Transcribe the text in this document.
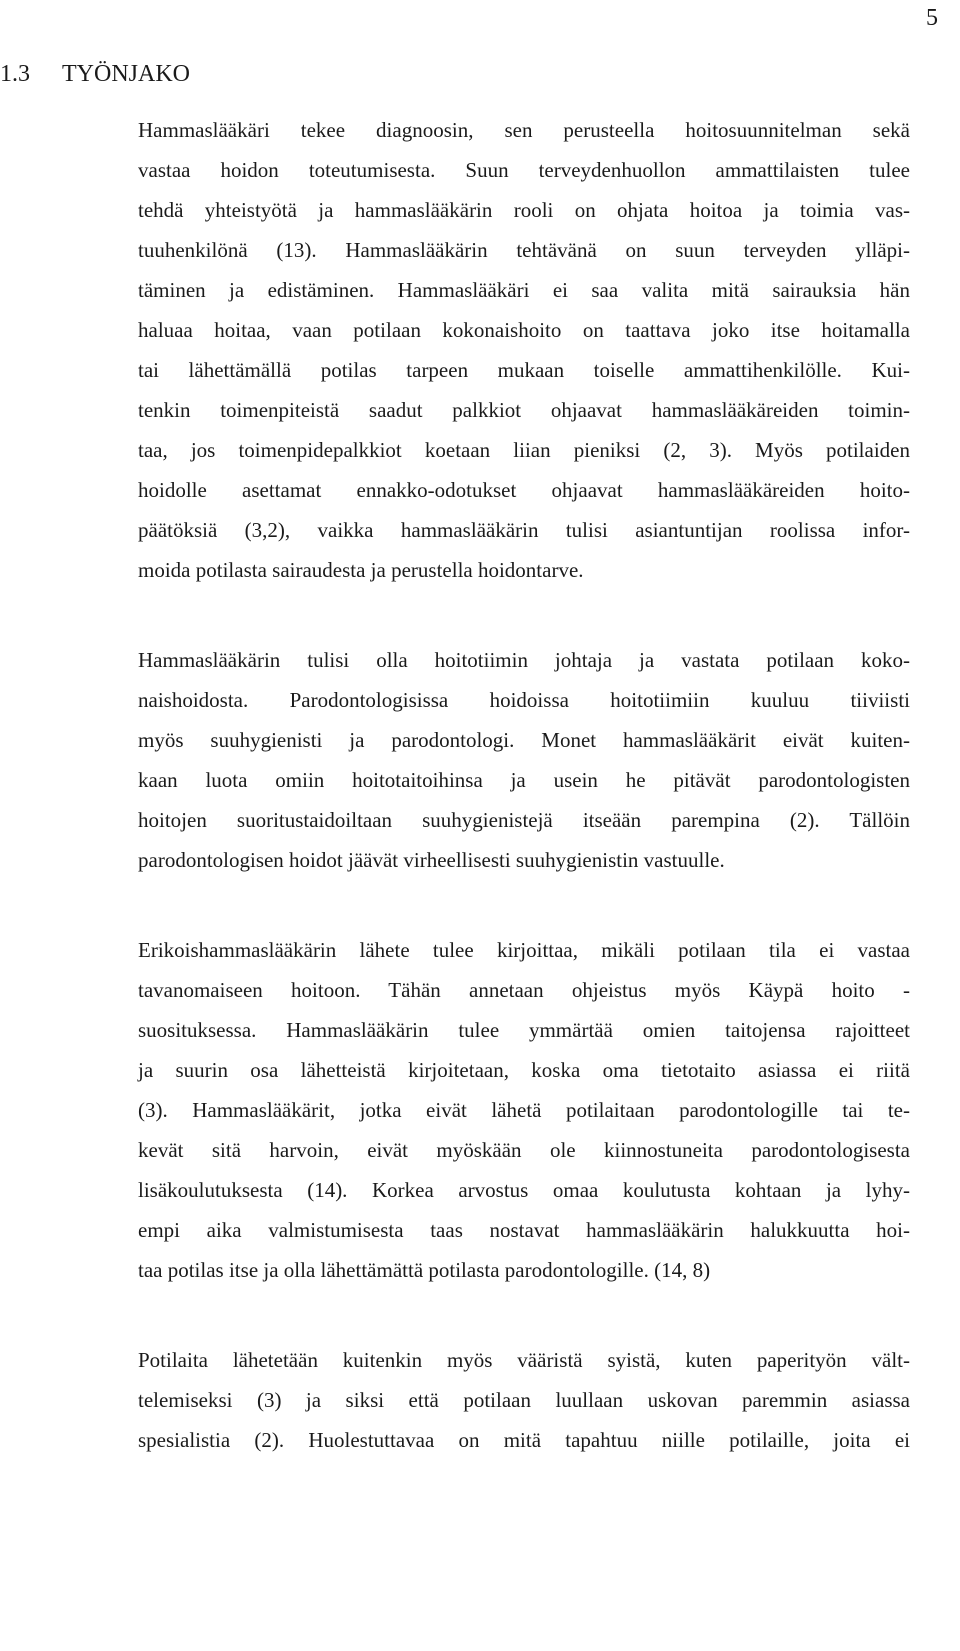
5
1.3 TYÖNJAKO

Hammaslääkäri tekee diagnoosin, sen perusteella hoitosuunnitelman sekä
vastaa hoidon toteutumisesta. Suun terveydenhuollon ammattilaisten tulee
tehdä yhteistyötä ja hammaslääkärin rooli on ohjata hoitoa ja toimia vas-
tuuhenkilönä (13). Hammaslääkärin tehtävänä on suun terveyden ylläpi-
täminen ja edistäminen. Hammaslääkäri ei saa valita mitä sairauksia hän
haluaa hoitaa, vaan potilaan kokonaishoito on taattava joko itse hoitamalla
tai lähettämällä potilas tarpeen mukaan toiselle ammattihenkilölle. Kui-
tenkin toimenpiteistä saadut palkkiot ohjaavat hammaslääkäreiden toimin-
taa, jos toimenpidepalkkiot koetaan liian pieniksi (2, 3). Myös potilaiden
hoidolle asettamat ennakko-odotukset ohjaavat hammaslääkäreiden hoito-
päätöksiä (3,2), vaikka hammaslääkärin tulisi asiantuntijan roolissa infor-
moida potilasta sairaudesta ja perustella hoidontarve.

Hammaslääkärin tulisi olla hoitotiimin johtaja ja vastata potilaan koko-
naishoidosta. Parodontologisissa hoidoissa hoitotiimiin kuuluu tiiviisti
myös suuhygienisti ja parodontologi. Monet hammaslääkärit eivät kuiten-
kaan luota omiin hoitotaitoihinsa ja usein he pitävät parodontologisten
hoitojen suoritustaidoiltaan suuhygienistejä itseään parempina (2). Tällöin
parodontologisen hoidot jäävät virheellisesti suuhygienistin vastuulle.

Erikoishammaslääkärin lähete tulee kirjoittaa, mikäli potilaan tila ei vastaa
tavanomaiseen hoitoon. Tähän annetaan ohjeistus myös Käypä hoito -
suosituksessa. Hammaslääkärin tulee ymmärtää omien taitojensa rajoitteet
ja suurin osa lähetteistä kirjoitetaan, koska oma tietotaito asiassa ei riitä
(3). Hammaslääkärit, jotka eivät lähetä potilaitaan parodontologille tai te-
kevät sitä harvoin, eivät myöskään ole kiinnostuneita parodontologisesta
lisäkoulutuksesta (14). Korkea arvostus omaa koulutusta kohtaan ja lyhy-
empi aika valmistumisesta taas nostavat hammaslääkärin halukkuutta hoi-
taa potilas itse ja olla lähettämättä potilasta parodontologille. (14, 8)

Potilaita lähetetään kuitenkin myös vääristä syistä, kuten paperityön vält-
telemiseksi (3) ja siksi että potilaan luullaan uskovan paremmin asiassa
spesialistia (2). Huolestuttavaa on mitä tapahtuu niille potilaille, joita ei
